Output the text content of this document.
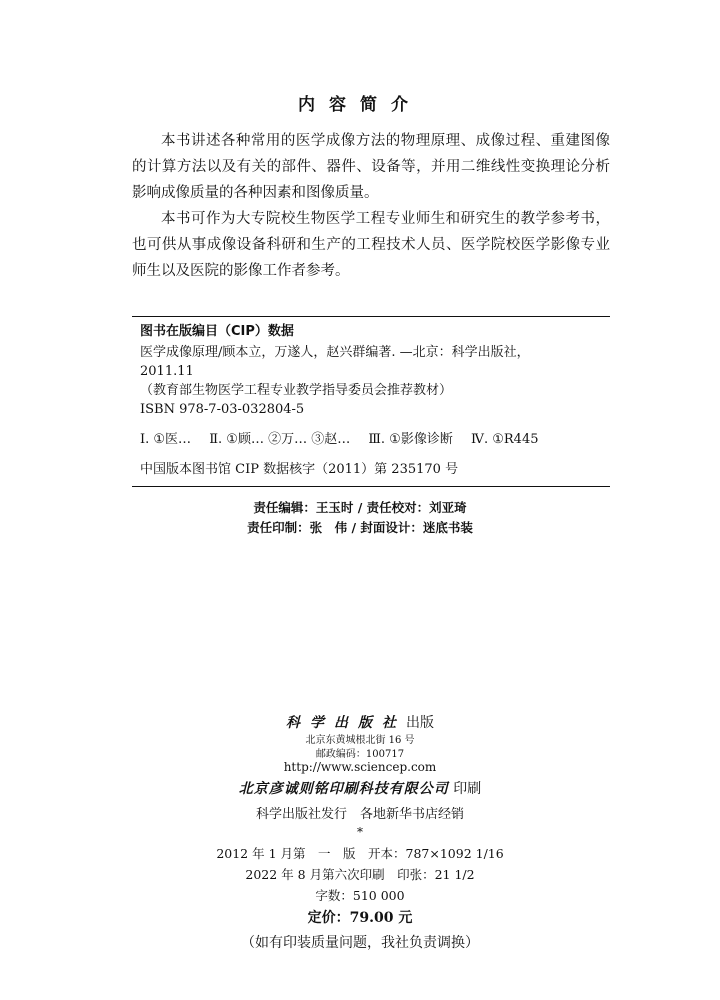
内容简介

本书讲述各种常用的医学成像方法的物理原理、成像过程、重建图像的计算方法以及有关的部件、器件、设备等，并用二维线性变换理论分析影响成像质量的各种因素和图像质量。

本书可作为大专院校生物医学工程专业师生和研究生的教学参考书，也可供从事成像设备科研和生产的工程技术人员、医学院校医学影像专业师生以及医院的影像工作者参考。

图书在版编目（CIP）数据
医学成像原理/顾本立，万遂人，赵兴群编著. —北京：科学出版社，
2011.11
（教育部生物医学工程专业教学指导委员会推荐教材）
ISBN 978-7-03-032804-5
Ⅰ. ①医… Ⅱ. ①顾… ②万… ③赵… Ⅲ. ①影像诊断 Ⅳ. ①R445
中国版本图书馆 CIP 数据核字（2011）第 235170 号
责任编辑：王玉时 / 责任校对：刘亚琦
责任印制：张　伟 / 封面设计：迷底书装
科学出版社出版
北京东黄城根北街 16 号
邮政编码：100717
http://www.sciencep.com
北京彦诚则铭印刷科技有限公司 印刷
科学出版社发行　各地新华书店经销
*
2012 年 1 月第　一　版　开本：787×1092 1/16
2022 年 8 月第六次印刷　印张：21 1/2
字数：510 000
定价：79.00 元
（如有印装质量问题，我社负责调换）
